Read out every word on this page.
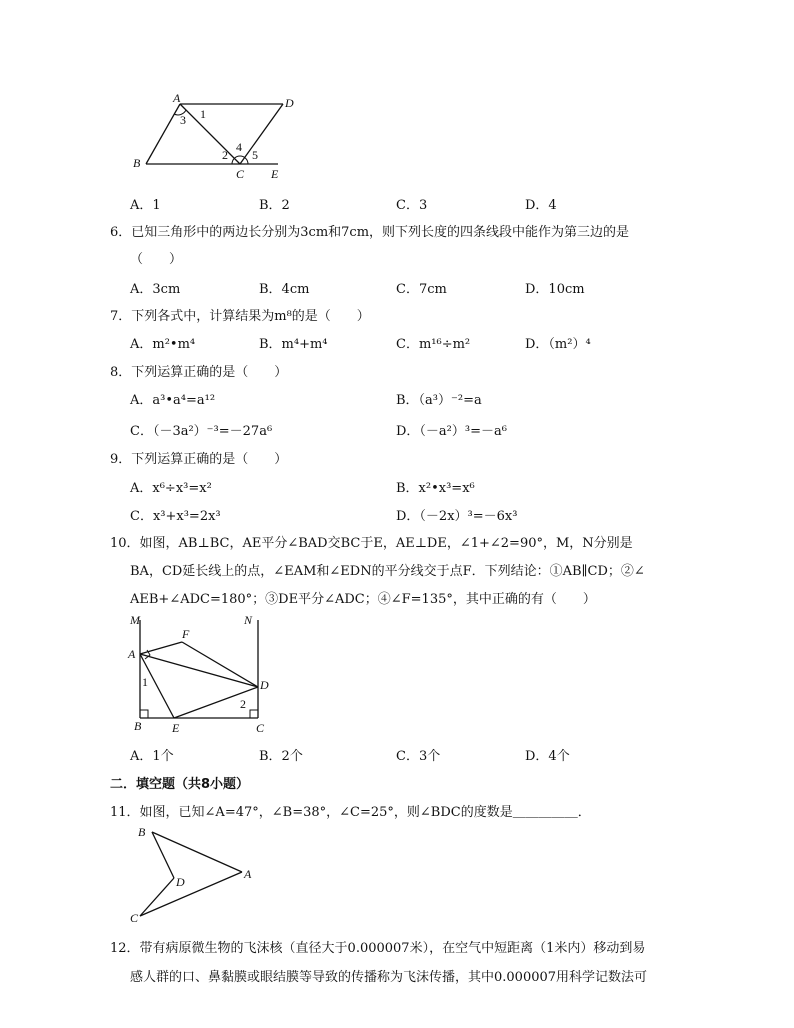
A	D
B
C E
1
3
2
4
5
A．1	B．2	C．3	D．4
6．已知三角形中的两边长分别为3cm和7cm，则下列长度的四条线段中能作为第三边的是
（　　）
A．3cm	B．4cm	C．7cm	D．10cm
7．下列各式中，计算结果为m⁸的是（　　）
A．m²•m⁴	B．m⁴+m⁴	C．m¹⁶÷m²	D．（m²）⁴
8．下列运算正确的是（　　）
A．a³•a⁴=a¹²	B．（a³）⁻²=a
C．（－3a²）⁻³=－27a⁶	D．（－a²）³=－a⁶
9．下列运算正确的是（　　）
A．x⁶÷x³=x²	B．x²•x³=x⁶
C．x³+x³=2x³	D．（－2x）³=－6x³
10．如图，AB⊥BC，AE平分∠BAD交BC于E，AE⊥DE，∠1+∠2=90°，M，N分别是
BA，CD延长线上的点，∠EAM和∠EDN的平分线交于点F．下列结论：①AB∥CD；②∠
AEB+∠ADC=180°；③DE平分∠ADC；④∠F=135°，其中正确的有（　　）
M
F
N
A
D
B	E	C
1
2
A．1个	B．2个	C．3个	D．4个
二．填空题（共8小题）
11．如图，已知∠A=47°，∠B=38°，∠C=25°，则∠BDC的度数是＿＿＿＿＿．
B
D
A
C
12．带有病原微生物的飞沫核（直径大于0.000007米），在空气中短距离（1米内）移动到易
感人群的口、鼻黏膜或眼结膜等导致的传播称为飞沫传播，其中0.000007用科学记数法可
